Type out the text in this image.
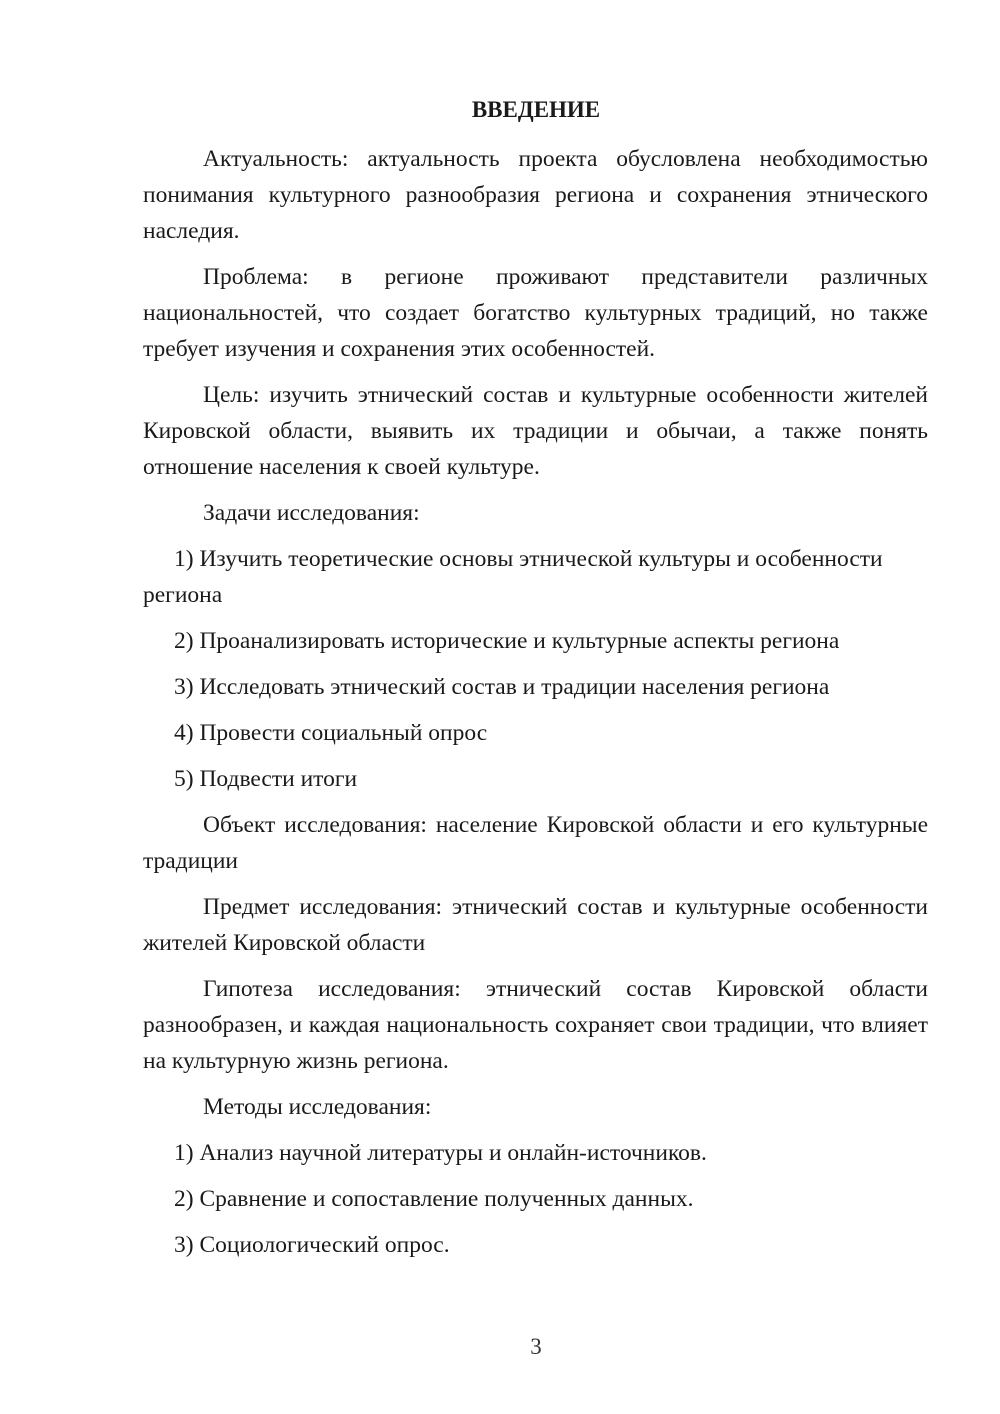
ВВЕДЕНИЕ

Актуальность: актуальность проекта обусловлена необходимостью понимания культурного разнообразия региона и сохранения этнического наследия.

Проблема: в регионе проживают представители различных национальностей, что создает богатство культурных традиций, но также требует изучения и сохранения этих особенностей.

Цель: изучить этнический состав и культурные особенности жителей Кировской области, выявить их традиции и обычаи, а также понять отношение населения к своей культуре.

Задачи исследования:

1) Изучить теоретические основы этнической культуры и особенности региона

2) Проанализировать исторические и культурные аспекты региона

3) Исследовать этнический состав и традиции населения региона

4) Провести социальный опрос

5) Подвести итоги

Объект исследования: население Кировской области и его культурные традиции

Предмет исследования: этнический состав и культурные особенности жителей Кировской области

Гипотеза исследования: этнический состав Кировской области разнообразен, и каждая национальность сохраняет свои традиции, что влияет на культурную жизнь региона.

Методы исследования:

1) Анализ научной литературы и онлайн-источников.

2) Сравнение и сопоставление полученных данных.

3) Социологический опрос.

3
